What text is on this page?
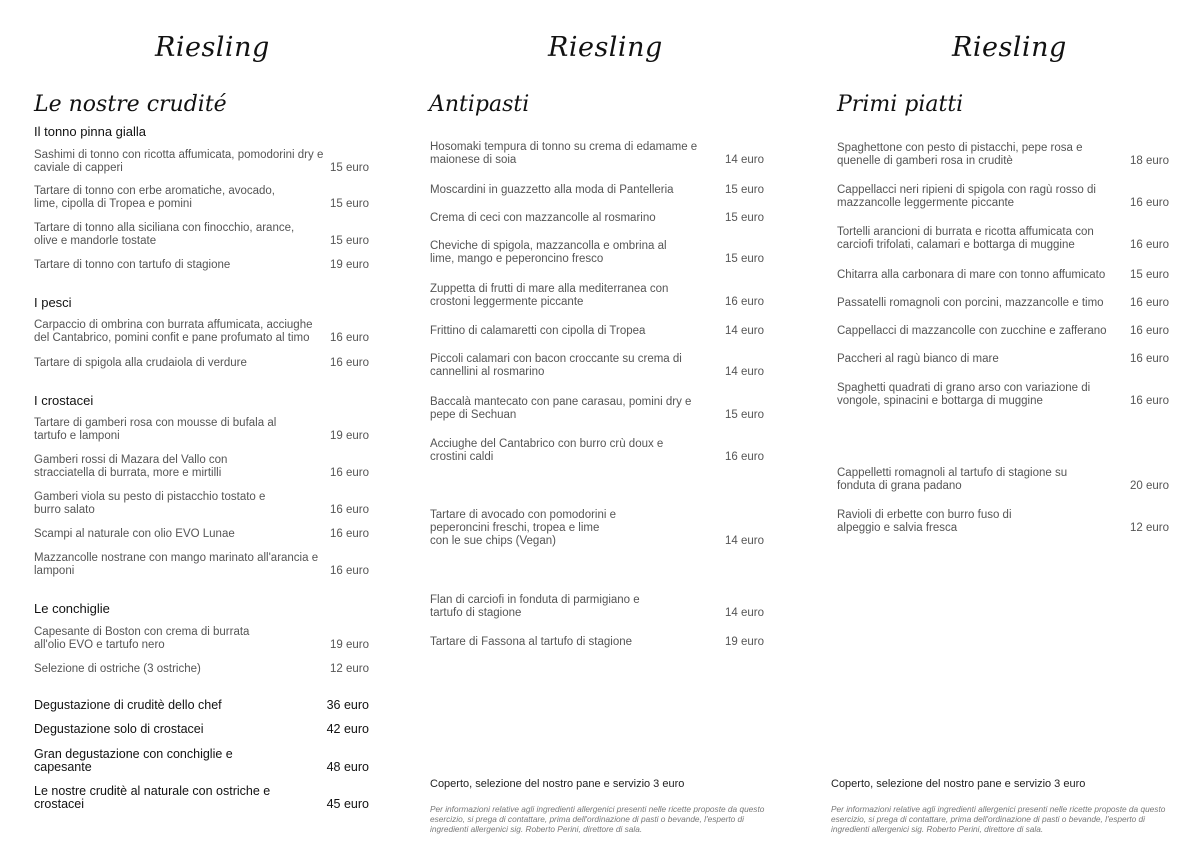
Riesling
Le nostre crudité
Il tonno pinna gialla
Sashimi di tonno con ricotta affumicata, pomodorini dry e caviale di capperi	15 euro
Tartare di tonno con erbe aromatiche, avocado, lime, cipolla di Tropea e pomini	15 euro
Tartare di tonno alla siciliana con finocchio, arance, olive e mandorle tostate	15 euro
Tartare di tonno con tartufo di stagione	19 euro
I pesci
Carpaccio di ombrina con burrata affumicata, acciughe del Cantabrico, pomini confit e pane profumato al timo	16 euro
Tartare di spigola alla crudaiola di verdure	16 euro
I crostacei
Tartare di gamberi rosa con mousse di bufala al tartufo e lamponi	19 euro
Gamberi rossi di Mazara del Vallo con stracciatella di burrata, more e mirtilli	16 euro
Gamberi viola su pesto di pistacchio tostato e burro salato	16 euro
Scampi al naturale con olio EVO Lunae	16 euro
Mazzancolle nostrane con mango marinato all'arancia e lamponi	16 euro
Le conchiglie
Capesante di Boston con crema di burrata all'olio EVO e tartufo nero	19 euro
Selezione di ostriche (3 ostriche)	12 euro
Degustazione di cruditè dello chef	36 euro
Degustazione solo di crostacei	42 euro
Gran degustazione con conchiglie e capesante	48 euro
Le nostre cruditè al naturale con ostriche e crostacei	45 euro
Riesling
Antipasti
Hosomaki tempura di tonno su crema di edamame e maionese di soia	14 euro
Moscardini in guazzetto alla moda di Pantelleria	15 euro
Crema di ceci con mazzancolle al rosmarino	15 euro
Cheviche di spigola, mazzancolla e ombrina al lime, mango e peperoncino fresco	15 euro
Zuppetta di frutti di mare alla mediterranea con crostoni leggermente piccante	16 euro
Frittino di calamaretti con cipolla di Tropea	14 euro
Piccoli calamari con bacon croccante su crema di cannellini al rosmarino	14 euro
Baccalà mantecato con pane carasau, pomini dry e pepe di Sechuan	15 euro
Acciughe del Cantabrico con burro crù doux e crostini caldi	16 euro
Tartare di avocado con pomodorini e peperoncini freschi, tropea e lime con le sue chips (Vegan)	14 euro
Flan di carciofi in fonduta di parmigiano e tartufo di stagione	14 euro
Tartare di Fassona al tartufo di stagione	19 euro
Coperto, selezione del nostro pane e servizio 3 euro
Per informazioni relative agli ingredienti allergenici presenti nelle ricette proposte da questo esercizio, si prega di contattare, prima dell'ordinazione di pasti o bevande, l'esperto di ingredienti allergenici sig. Roberto Perini, direttore di sala.
Riesling
Primi piatti
Spaghettone con pesto di pistacchi, pepe rosa e quenelle di gamberi rosa in cruditè	18 euro
Cappellacci neri ripieni di spigola con ragù rosso di mazzancolle leggermente piccante	16 euro
Tortelli arancioni di burrata e ricotta affumicata con carciofi trifolati, calamari e bottarga di muggine	16 euro
Chitarra alla carbonara di mare con tonno affumicato	15 euro
Passatelli romagnoli con porcini, mazzancolle e timo	16 euro
Cappellacci di mazzancolle con zucchine e zafferano	16 euro
Paccheri al ragù bianco di mare	16 euro
Spaghetti quadrati di grano arso con variazione di vongole, spinacini e bottarga di muggine	16 euro
Cappelletti romagnoli al tartufo di stagione su fonduta di grana padano	20 euro
Ravioli di erbette con burro fuso di alpeggio e salvia fresca	12 euro
Coperto, selezione del nostro pane e servizio 3 euro
Per informazioni relative agli ingredienti allergenici presenti nelle ricette proposte da questo esercizio, si prega di contattare, prima dell'ordinazione di pasti o bevande, l'esperto di ingredienti allergenici sig. Roberto Perini, direttore di sala.
